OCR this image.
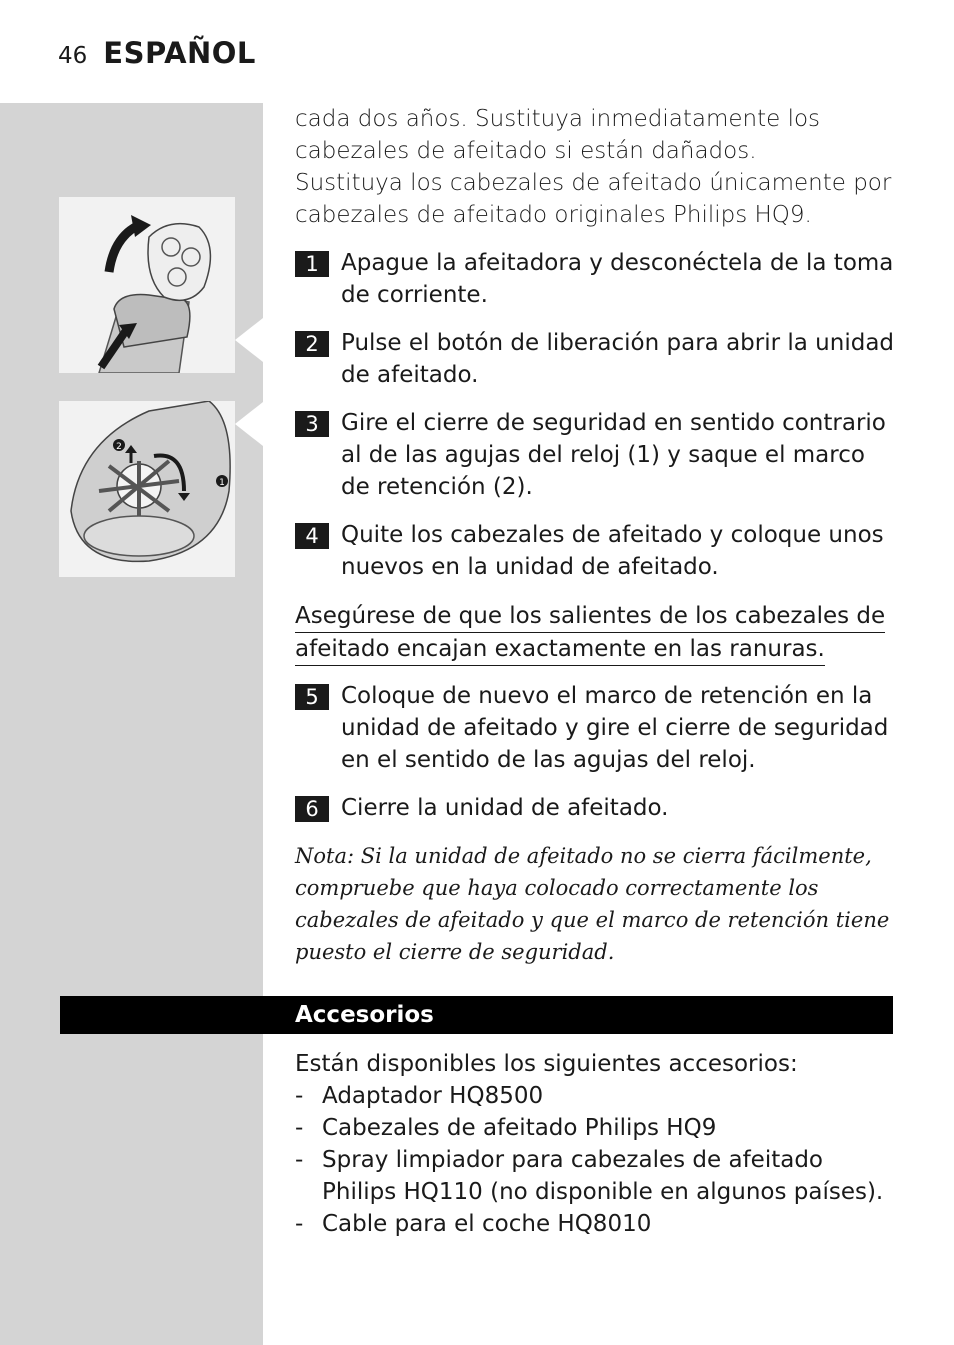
46 ESPAÑOL
2
1

cada dos años. Sustituya inmediatamente los cabezales de afeitado si están dañados.

Sustituya los cabezales de afeitado únicamente por cabezales de afeitado originales Philips HQ9.

1 Apague la afeitadora y desconéctela de la toma de corriente.
2 Pulse el botón de liberación para abrir la unidad de afeitado.
3 Gire el cierre de seguridad en sentido contrario al de las agujas del reloj (1) y saque el marco de retención (2).
4 Quite los cabezales de afeitado y coloque unos nuevos en la unidad de afeitado.
Asegúrese de que los salientes de los cabezales de
afeitado encajan exactamente en las ranuras.
5 Coloque de nuevo el marco de retención en la unidad de afeitado y gire el cierre de seguridad en el sentido de las agujas del reloj.
6 Cierre la unidad de afeitado.
Nota: Si la unidad de afeitado no se cierra fácilmente, compruebe que haya colocado correctamente los cabezales de afeitado y que el marco de retención tiene puesto el cierre de seguridad.
Accesorios
Están disponibles los siguientes accesorios:
- Adaptador HQ8500
- Cabezales de afeitado Philips HQ9
- Spray limpiador para cabezales de afeitado Philips HQ110 (no disponible en algunos países).
- Cable para el coche HQ8010
